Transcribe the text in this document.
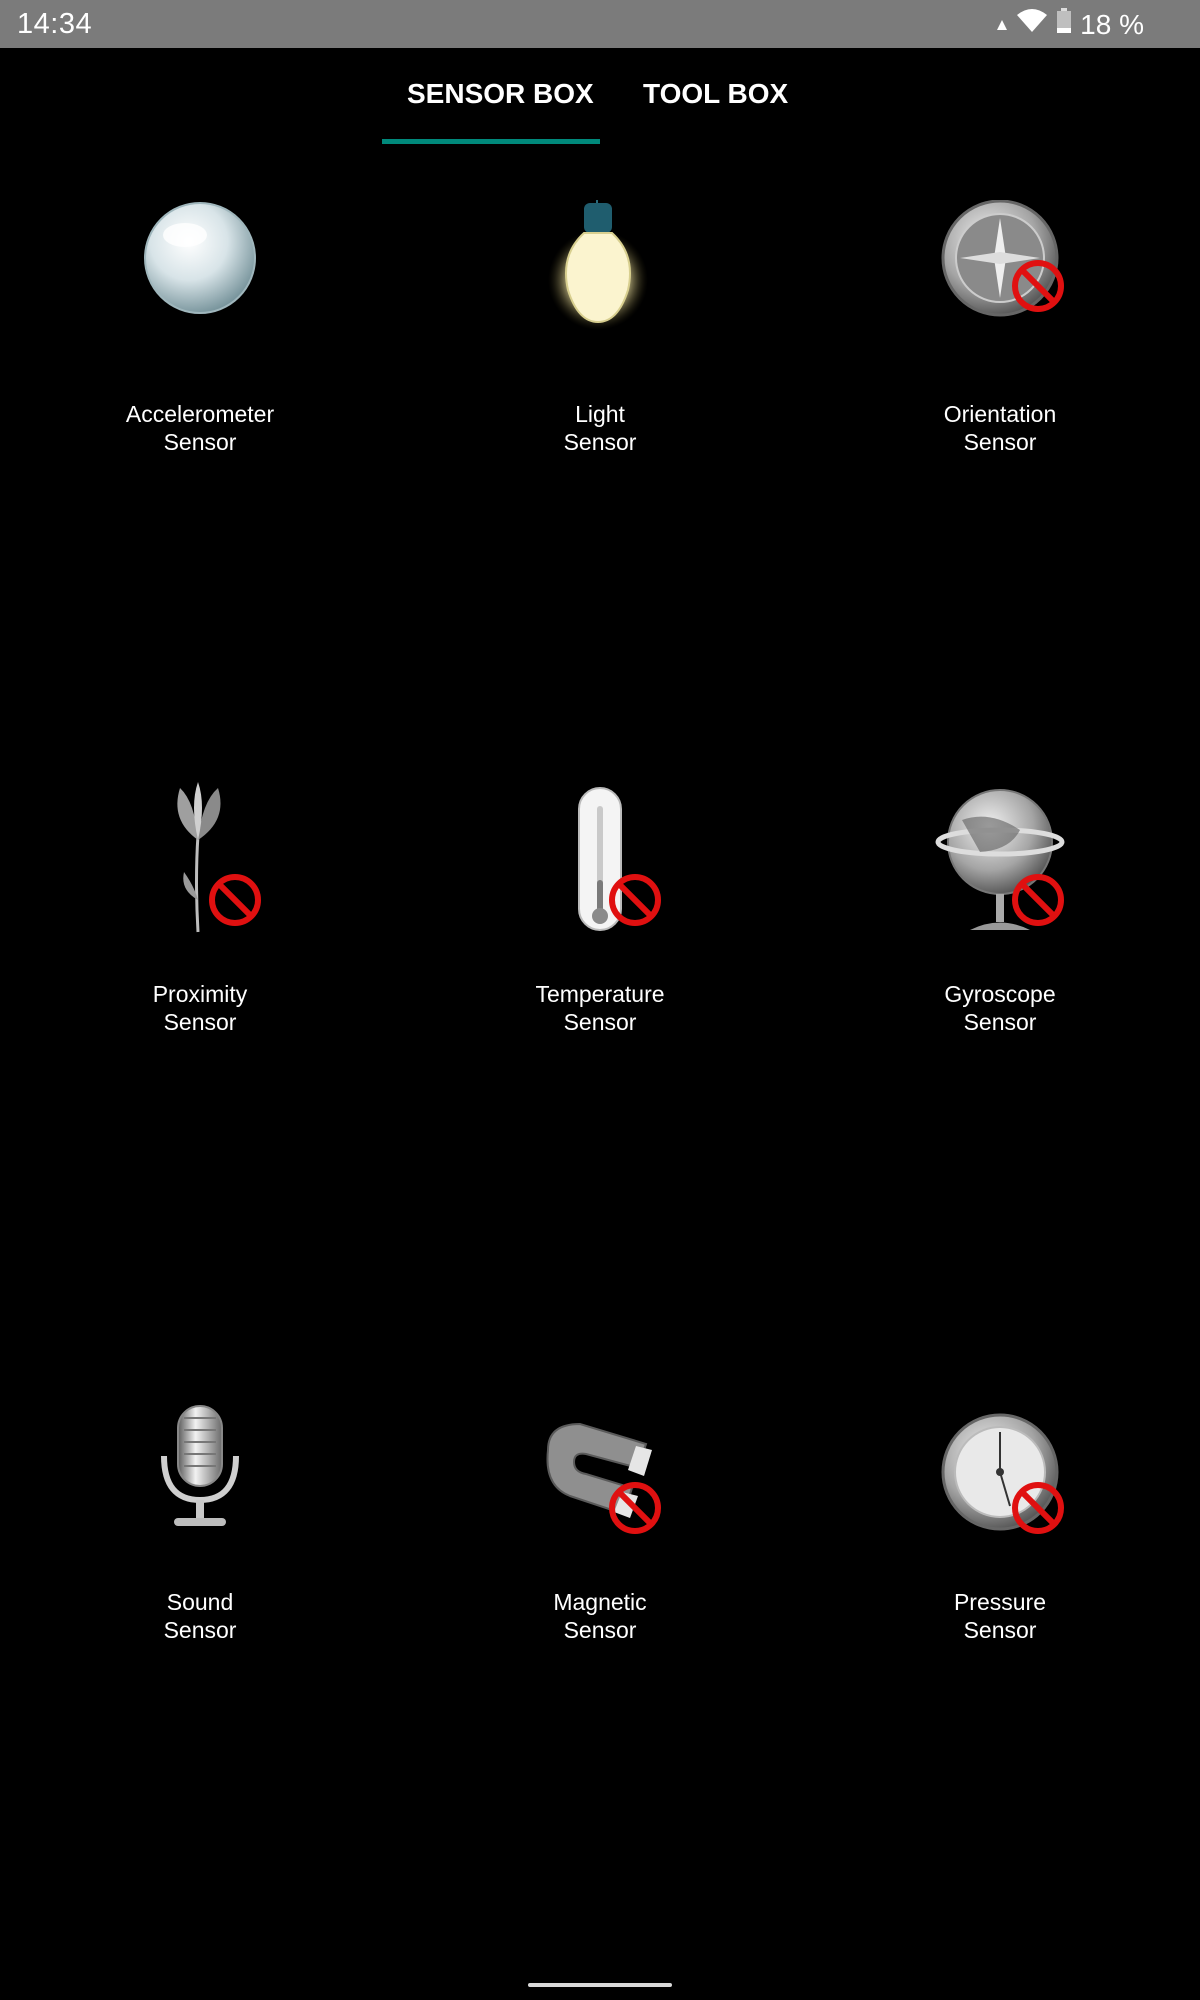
14:34	18 %
SENSOR BOX TOOL BOX
Accelerometer
Sensor
Light
Sensor
Orientation
Sensor
Proximity
Sensor
Temperature
Sensor
Gyroscope
Sensor
Sound
Sensor
Magnetic
Sensor
Pressure
Sensor
